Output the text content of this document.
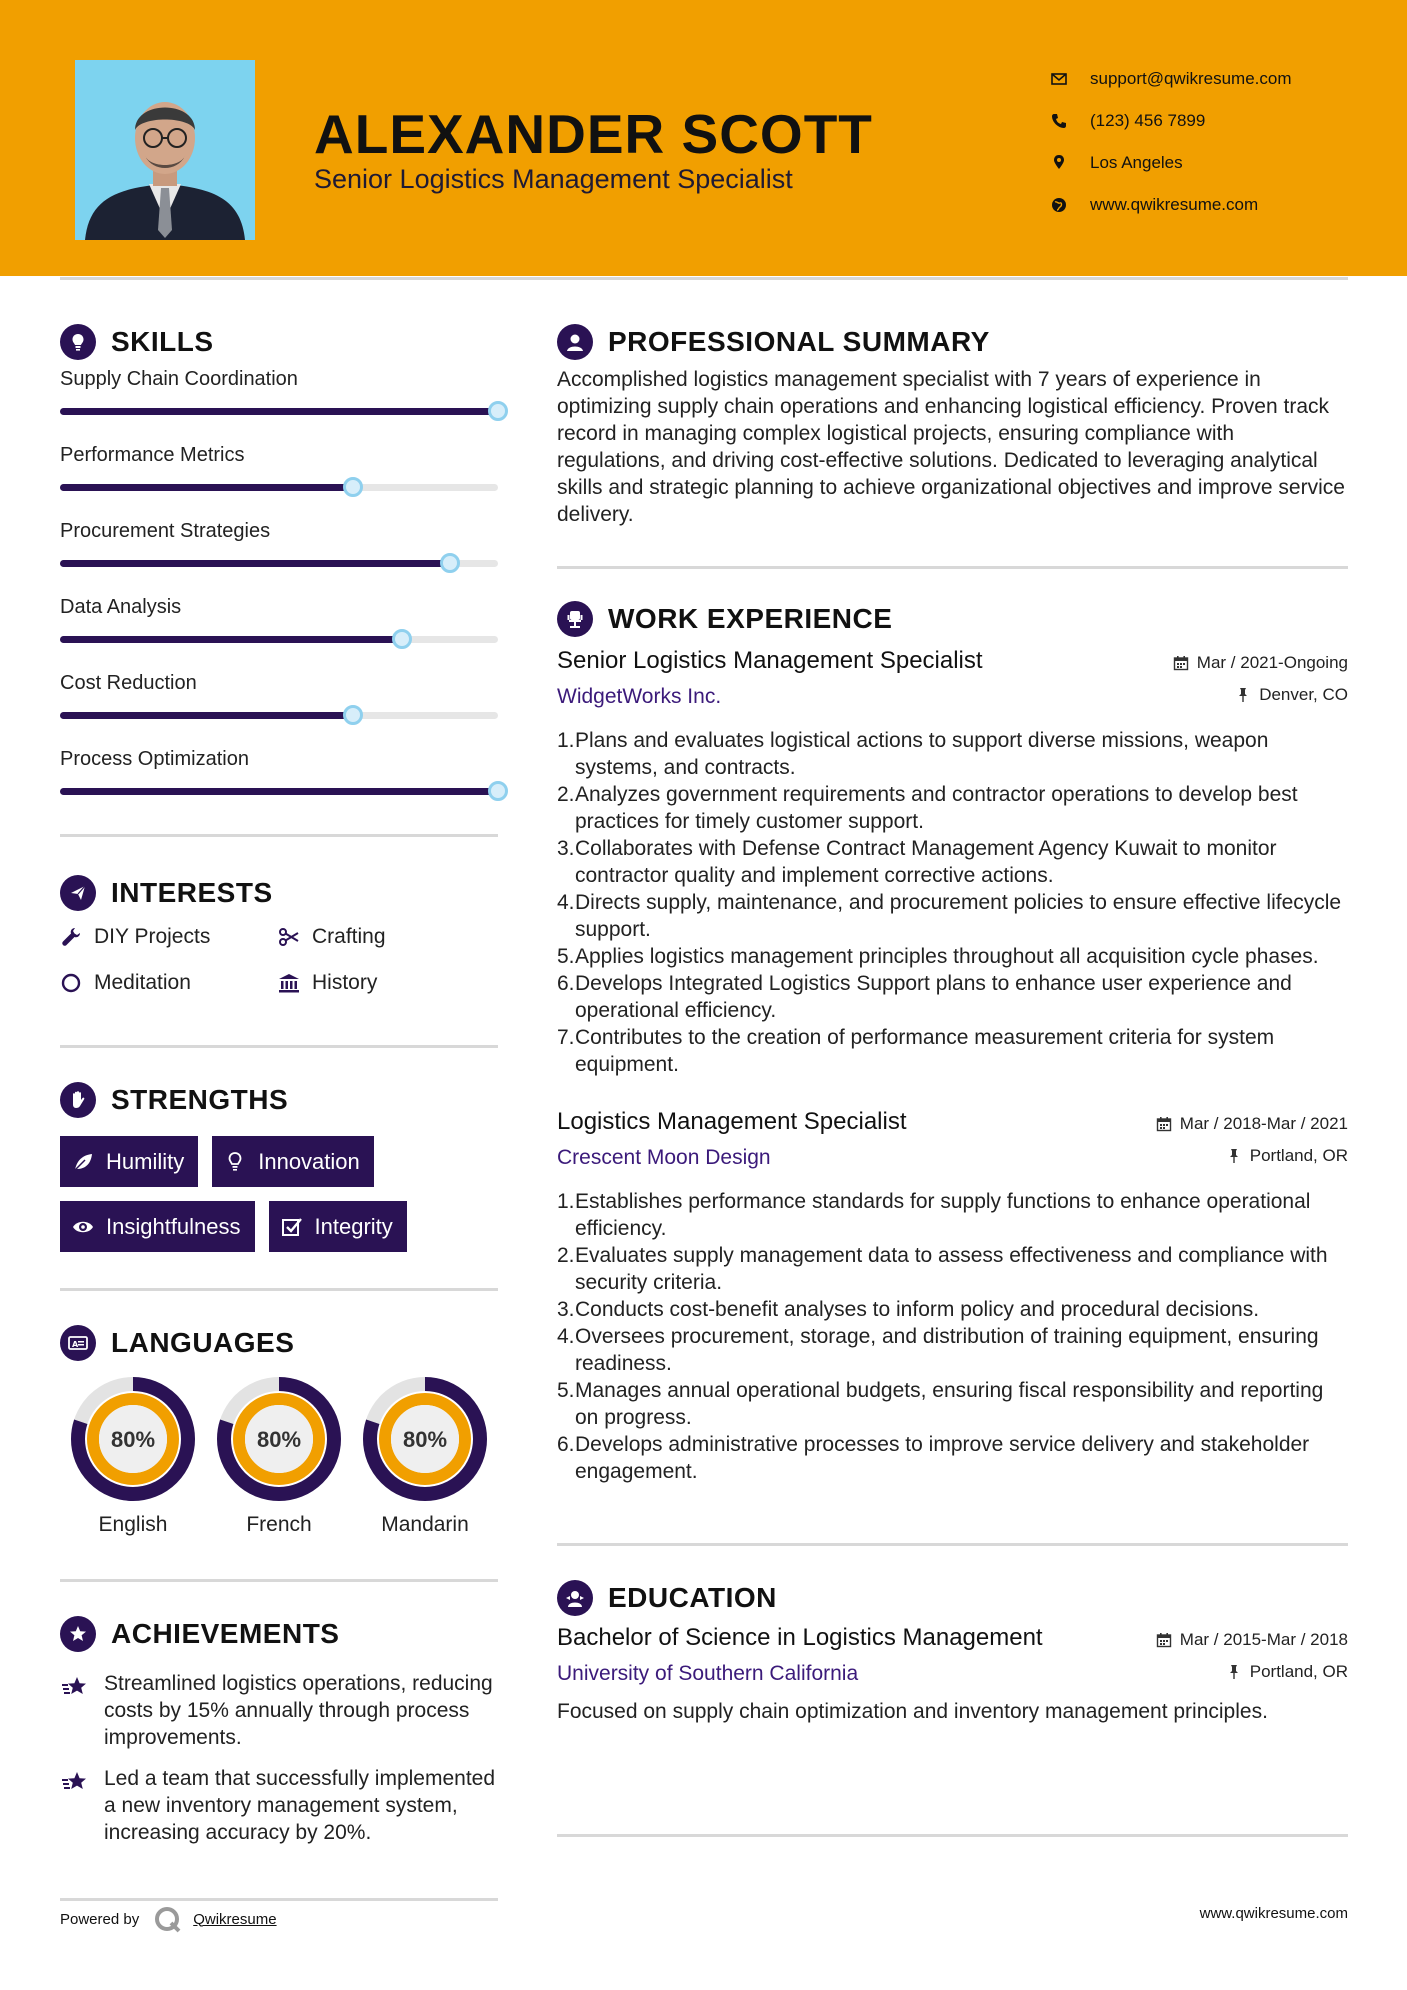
ALEXANDER SCOTT
Senior Logistics Management Specialist
support@qwikresume.com
(123) 456 7899
Los Angeles
www.qwikresume.com
SKILLS
Supply Chain Coordination
Performance Metrics
Procurement Strategies
Data Analysis
Cost Reduction
Process Optimization
INTERESTS
DIY Projects	Crafting
Meditation	History
STRENGTHS
Humility	Innovation
Insightfulness	Integrity
A LANGUAGES
80%
English
80%
French
80%
Mandarin
ACHIEVEMENTS

Streamlined logistics operations, reducing costs by 15% annually through process improvements.

Led a team that successfully implemented a new inventory management system, increasing accuracy by 20%.

PROFESSIONAL SUMMARY

Accomplished logistics management specialist with 7 years of experience in optimizing supply chain operations and enhancing logistical efficiency. Proven track record in managing complex logistical projects, ensuring compliance with regulations, and driving cost-effective solutions. Dedicated to leveraging analytical skills and strategic planning to achieve organizational objectives and improve service delivery.

WORK EXPERIENCE
Senior Logistics Management Specialist	Mar / 2021-Ongoing
WidgetWorks Inc.	Denver, CO
1. Plans and evaluates logistical actions to support diverse missions, weapon systems, and contracts.
2. Analyzes government requirements and contractor operations to develop best practices for timely customer support.
3. Collaborates with Defense Contract Management Agency Kuwait to monitor contractor quality and implement corrective actions.
4. Directs supply, maintenance, and procurement policies to ensure effective lifecycle support.
5. Applies logistics management principles throughout all acquisition cycle phases.
6. Develops Integrated Logistics Support plans to enhance user experience and operational efficiency.
7. Contributes to the creation of performance measurement criteria for system equipment.
Logistics Management Specialist	Mar / 2018-Mar / 2021
Crescent Moon Design	Portland, OR
1. Establishes performance standards for supply functions to enhance operational efficiency.
2. Evaluates supply management data to assess effectiveness and compliance with security criteria.
3. Conducts cost-benefit analyses to inform policy and procedural decisions.
4. Oversees procurement, storage, and distribution of training equipment, ensuring readiness.
5. Manages annual operational budgets, ensuring fiscal responsibility and reporting on progress.
6. Develops administrative processes to improve service delivery and stakeholder engagement.
EDUCATION
Bachelor of Science in Logistics Management	Mar / 2015-Mar / 2018
University of Southern California	Portland, OR

Focused on supply chain optimization and inventory management principles.

Powered by	Qwikresume	www.qwikresume.com
